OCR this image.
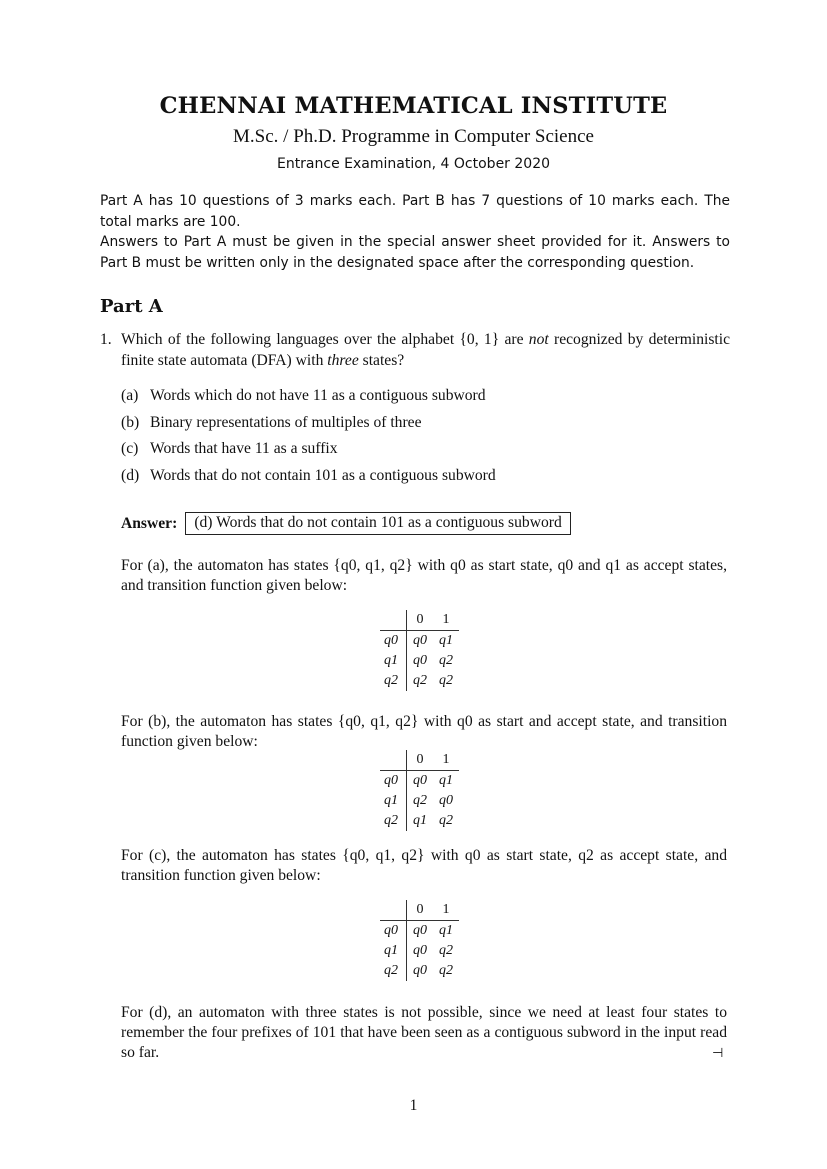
CHENNAI MATHEMATICAL INSTITUTE
M.Sc. / Ph.D. Programme in Computer Science
Entrance Examination, 4 October 2020

Part A has 10 questions of 3 marks each. Part B has 7 questions of 10 marks each. The total marks are 100.

Answers to Part A must be given in the special answer sheet provided for it. Answers to Part B must be written only in the designated space after the corresponding question.

Part A
1. Which of the following languages over the alphabet {0, 1} are not recognized by deterministic finite state automata (DFA) with three states?
(a) Words which do not have 11 as a contiguous subword
(b) Binary representations of multiples of three
(c) Words that have 11 as a suffix
(d) Words that do not contain 101 as a contiguous subword
Answer:	(d) Words that do not contain 101 as a contiguous subword
For (a), the automaton has states {q0, q1, q2} with q0 as start state, q0 and q1 as accept states, and transition function given below:
	0	1
q0	q0	q1
q1	q0	q2
q2	q2	q2
For (b), the automaton has states {q0, q1, q2} with q0 as start and accept state, and transition function given below:
	0	1
q0	q0	q1
q1	q2	q0
q2	q1	q2
For (c), the automaton has states {q0, q1, q2} with q0 as start state, q2 as accept state, and transition function given below:
	0	1
q0	q0	q1
q1	q0	q2
q2	q0	q2
For (d), an automaton with three states is not possible, since we need at least four states to remember the four prefixes of 101 that have been seen as a contiguous subword in the input read so far.	⊣
1
